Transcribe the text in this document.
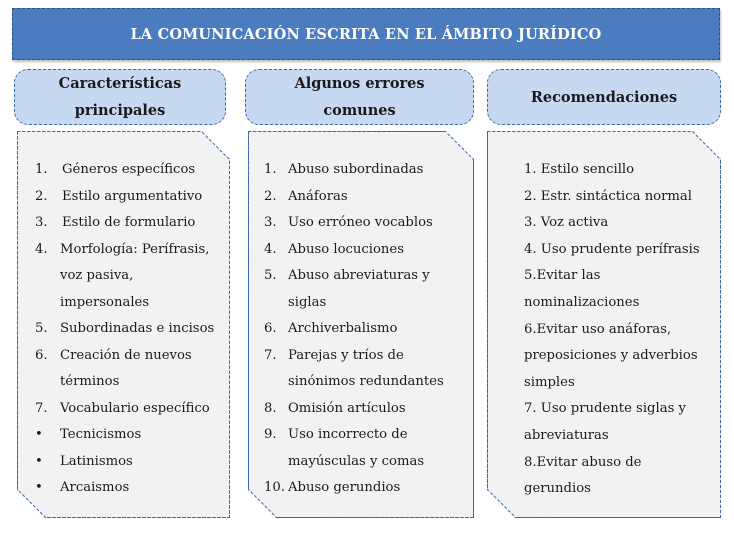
LA COMUNICACIÓN ESCRITA EN EL ÁMBITO JURÍDICO
Características
principales
Algunos errores
comunes
Recomendaciones
1.	Géneros específicos
2.	Estilo argumentativo
3.	Estilo de formulario
4. Morfología: Perífrasis, voz pasiva, impersonales
5. Subordinadas e incisos
6. Creación de nuevos términos
7. Vocabulario específico
•	Tecnicismos
•	Latinismos
•	Arcaismos
1. Abuso subordinadas
2. Anáforas
3. Uso erróneo vocablos
4. Abuso locuciones
5. Abuso abreviaturas y siglas
6. Archiverbalismo
7. Parejas y tríos de sinónimos redundantes
8. Omisión artículos
9. Uso incorrecto de mayúsculas y comas
10. Abuso gerundios
1. Estilo sencillo
2. Estr. sintáctica normal
3. Voz activa
4. Uso prudente perífrasis
5.Evitar las nominalizaciones
6.Evitar uso anáforas, preposiciones y adverbios simples
7. Uso prudente siglas y abreviaturas
8.Evitar abuso de gerundios
